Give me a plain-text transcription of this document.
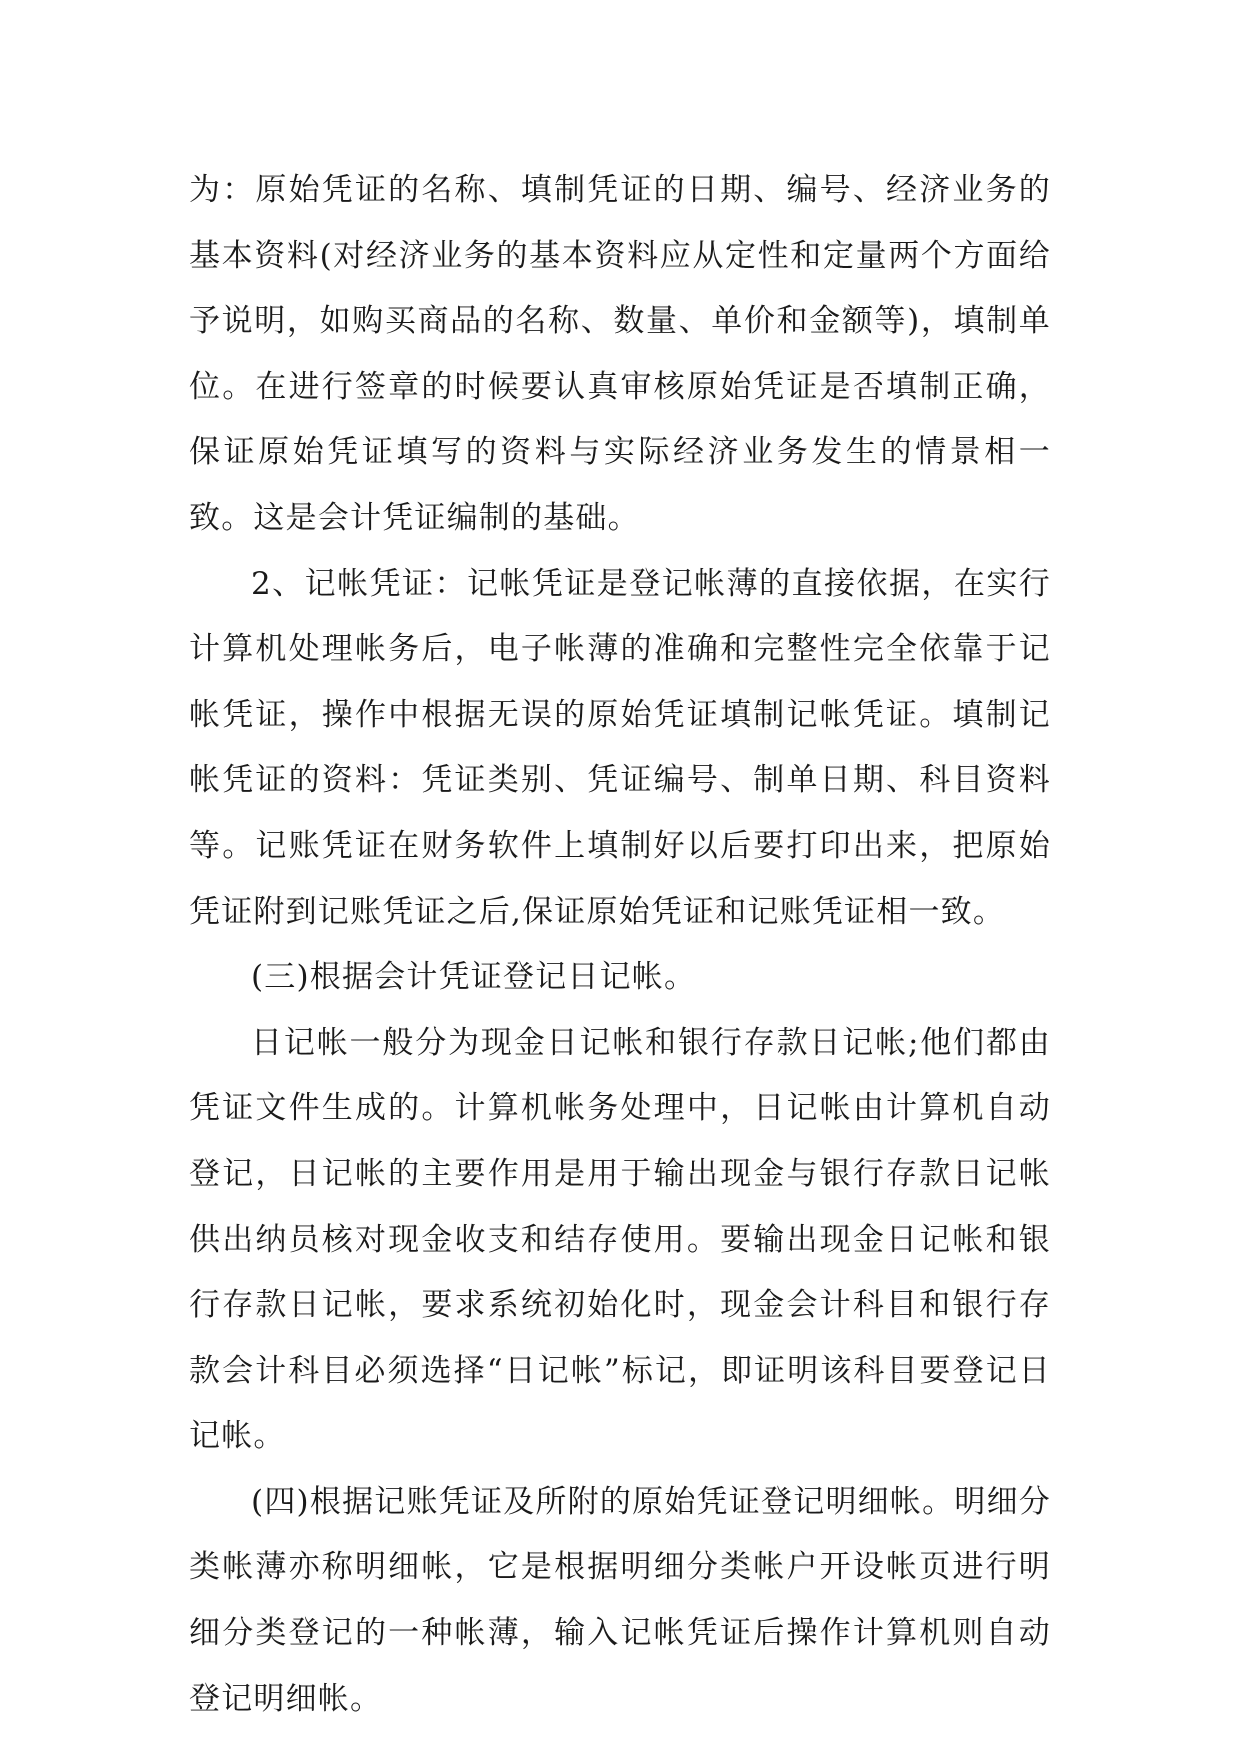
为：原始凭证的名称、填制凭证的日期、编号、经济业务的基本资料(对经济业务的基本资料应从定性和定量两个方面给予说明，如购买商品的名称、数量、单价和金额等)，填制单位。在进行签章的时候要认真审核原始凭证是否填制正确，保证原始凭证填写的资料与实际经济业务发生的情景相一致。这是会计凭证编制的基础。

2、记帐凭证：记帐凭证是登记帐薄的直接依据，在实行计算机处理帐务后，电子帐薄的准确和完整性完全依靠于记帐凭证，操作中根据无误的原始凭证填制记帐凭证。填制记帐凭证的资料：凭证类别、凭证编号、制单日期、科目资料等。记账凭证在财务软件上填制好以后要打印出来，把原始凭证附到记账凭证之后,保证原始凭证和记账凭证相一致。

(三)根据会计凭证登记日记帐。

日记帐一般分为现金日记帐和银行存款日记帐;他们都由凭证文件生成的。计算机帐务处理中，日记帐由计算机自动登记，日记帐的主要作用是用于输出现金与银行存款日记帐供出纳员核对现金收支和结存使用。要输出现金日记帐和银行存款日记帐，要求系统初始化时，现金会计科目和银行存款会计科目必须选择“日记帐”标记，即证明该科目要登记日记帐。

(四)根据记账凭证及所附的原始凭证登记明细帐。明细分类帐薄亦称明细帐，它是根据明细分类帐户开设帐页进行明细分类登记的一种帐薄，输入记帐凭证后操作计算机则自动登记明细帐。
